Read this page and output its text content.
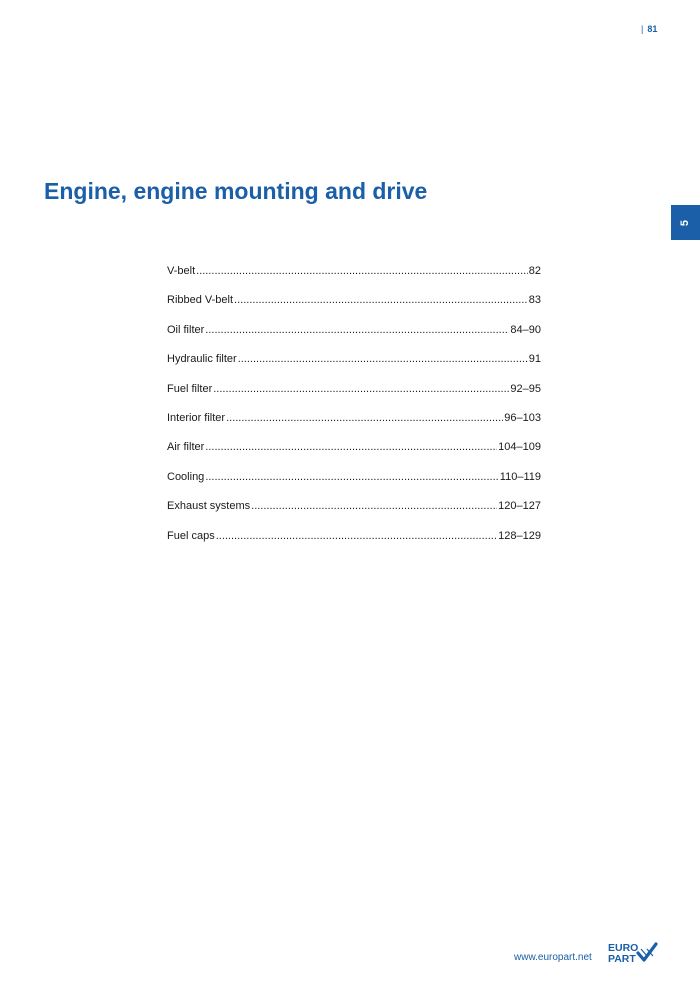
| 81
Engine, engine mounting and drive
5
V-belt .....	82
Ribbed V-belt .....	83
Oil filter .....	84–90
Hydraulic filter .....	91
Fuel filter .....	92–95
Interior filter .....	96–103
Air filter .....	104–109
Cooling .....	110–119
Exhaust systems .....	120–127
Fuel caps .....	128–129
www.europart.net
EURO
PART
